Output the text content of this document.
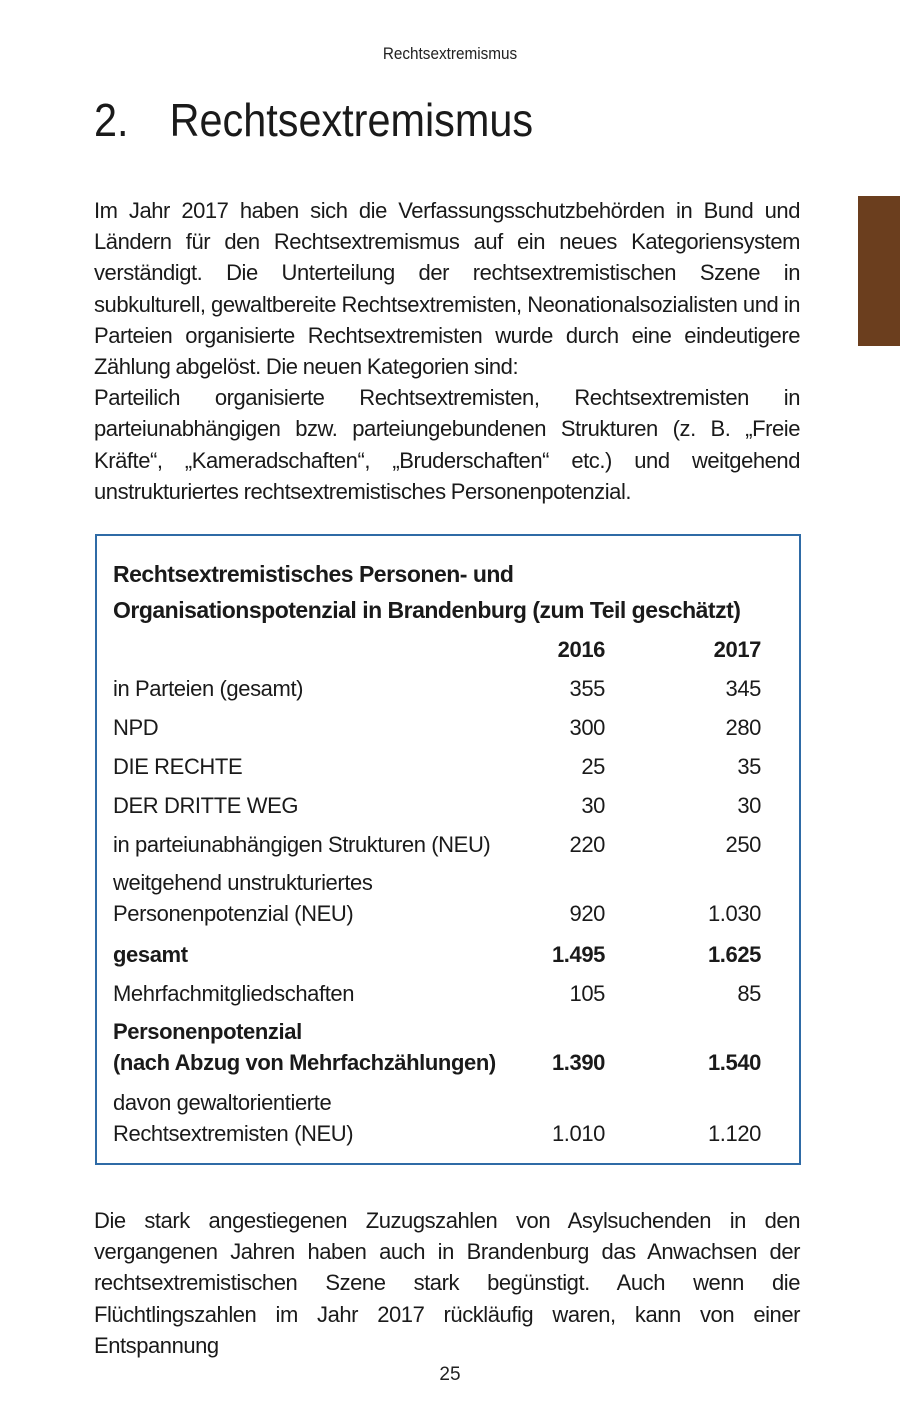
Rechtsextremismus
2. Rechtsextremismus

Im Jahr 2017 haben sich die Verfassungsschutzbehörden in Bund und Ländern für den Rechtsextremismus auf ein neues Kategoriensystem verständigt. Die Unterteilung der rechtsextremistischen Szene in subkulturell, gewaltbereite Rechtsextremisten, Neonationalsozialisten und in Parteien organisierte Rechtsextremisten wurde durch eine eindeutigere Zählung abgelöst. Die neuen Kategorien sind:

Parteilich organisierte Rechtsextremisten, Rechtsextremisten in parteiunabhängigen bzw. parteiungebundenen Strukturen (z. B. „Freie Kräfte“, „Kameradschaften“, „Bruderschaften“ etc.) und weitgehend unstrukturiertes rechtsextremistisches Personenpotenzial.

Rechtsextremistisches Personen- und
Organisationspotenzial in Brandenburg (zum Teil geschätzt)
	2016	2017

in Parteien (gesamt)	355	345

NPD	300	280

DIE RECHTE	25	35

DER DRITTE WEG	30	30

in parteiunabhängigen Strukturen (NEU)	220	250

weitgehend unstrukturiertes
Personenpotenzial (NEU)	920	1.030

gesamt	1.495	1.625

Mehrfachmitgliedschaften	105	85

Personenpotenzial
(nach Abzug von Mehrfachzählungen)	1.390	1.540

davon gewaltorientierte
Rechtsextremisten (NEU)	1.010	1.120

Die stark angestiegenen Zuzugszahlen von Asylsuchenden in den vergangenen Jahren haben auch in Brandenburg das Anwachsen der rechtsextremistischen Szene stark begünstigt. Auch wenn die Flüchtlingszahlen im Jahr 2017 rückläufig waren, kann von einer Entspannung

25
